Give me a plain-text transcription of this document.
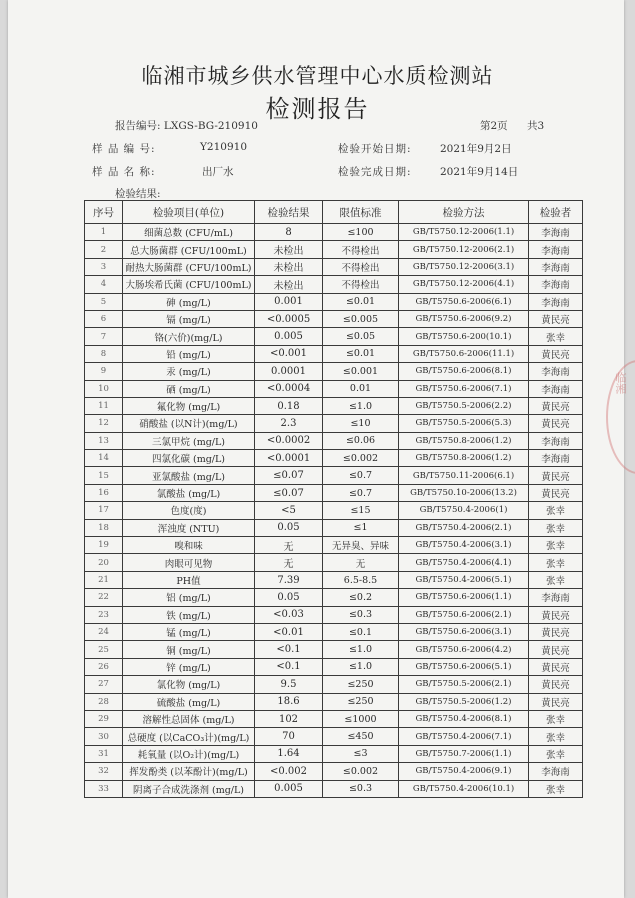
临湘市城乡供水管理中心水质检测站
检测报告
报告编号: LXGS-BG-210910	第2页 共3
样 品 编 号:	Y210910	检验开始日期:	2021年9月2日
样 品 名 称:	出厂水	检验完成日期:	2021年9月14日
检验结果:
临湘
序号	检验项目(单位)	检验结果	限值标准	检验方法	检验者
1	细菌总数 (CFU/mL)	8	≤100	GB/T5750.12-2006(1.1)	李海南
2	总大肠菌群 (CFU/100mL)	未检出	不得检出	GB/T5750.12-2006(2.1)	李海南
3	耐热大肠菌群 (CFU/100mL)	未检出	不得检出	GB/T5750.12-2006(3.1)	李海南
4	大肠埃希氏菌 (CFU/100mL)	未检出	不得检出	GB/T5750.12-2006(4.1)	李海南
5	砷 (mg/L)	0.001	≤0.01	GB/T5750.6-2006(6.1)	李海南
6	镉 (mg/L)	<0.0005	≤0.005	GB/T5750.6-2006(9.2)	黄民亮
7	铬(六价)(mg/L)	0.005	≤0.05	GB/T5750.6-200(10.1)	张幸
8	铅 (mg/L)	<0.001	≤0.01	GB/T5750.6-2006(11.1)	黄民亮
9	汞 (mg/L)	0.0001	≤0.001	GB/T5750.6-2006(8.1)	李海南
10	硒 (mg/L)	<0.0004	0.01	GB/T5750.6-2006(7.1)	李海南
11	氟化物 (mg/L)	0.18	≤1.0	GB/T5750.5-2006(2.2)	黄民亮
12	硝酸盐 (以N计)(mg/L)	2.3	≤10	GB/T5750.5-2006(5.3)	黄民亮
13	三氯甲烷 (mg/L)	<0.0002	≤0.06	GB/T5750.8-2006(1.2)	李海南
14	四氯化碳 (mg/L)	<0.0001	≤0.002	GB/T5750.8-2006(1.2)	李海南
15	亚氯酸盐 (mg/L)	≤0.07	≤0.7	GB/T5750.11-2006(6.1)	黄民亮
16	氯酸盐 (mg/L)	≤0.07	≤0.7	GB/T5750.10-2006(13.2)	黄民亮
17	色度(度)	<5	≤15	GB/T5750.4-2006(1)	张幸
18	浑浊度 (NTU)	0.05	≤1	GB/T5750.4-2006(2.1)	张幸
19	嗅和味	无	无异臭、异味	GB/T5750.4-2006(3.1)	张幸
20	肉眼可见物	无	无	GB/T5750.4-2006(4.1)	张幸
21	PH值	7.39	6.5-8.5	GB/T5750.4-2006(5.1)	张幸
22	铝 (mg/L)	0.05	≤0.2	GB/T5750.6-2006(1.1)	李海南
23	铁 (mg/L)	<0.03	≤0.3	GB/T5750.6-2006(2.1)	黄民亮
24	锰 (mg/L)	<0.01	≤0.1	GB/T5750.6-2006(3.1)	黄民亮
25	铜 (mg/L)	<0.1	≤1.0	GB/T5750.6-2006(4.2)	黄民亮
26	锌 (mg/L)	<0.1	≤1.0	GB/T5750.6-2006(5.1)	黄民亮
27	氯化物 (mg/L)	9.5	≤250	GB/T5750.5-2006(2.1)	黄民亮
28	硫酸盐 (mg/L)	18.6	≤250	GB/T5750.5-2006(1.2)	黄民亮
29	溶解性总固体 (mg/L)	102	≤1000	GB/T5750.4-2006(8.1)	张幸
30	总硬度 (以CaCO₃计)(mg/L)	70	≤450	GB/T5750.4-2006(7.1)	张幸
31	耗氧量 (以O₂计)(mg/L)	1.64	≤3	GB/T5750.7-2006(1.1)	张幸
32	挥发酚类 (以苯酚计)(mg/L)	<0.002	≤0.002	GB/T5750.4-2006(9.1)	李海南
33	阴离子合成洗涤剂 (mg/L)	0.005	≤0.3	GB/T5750.4-2006(10.1)	张幸
